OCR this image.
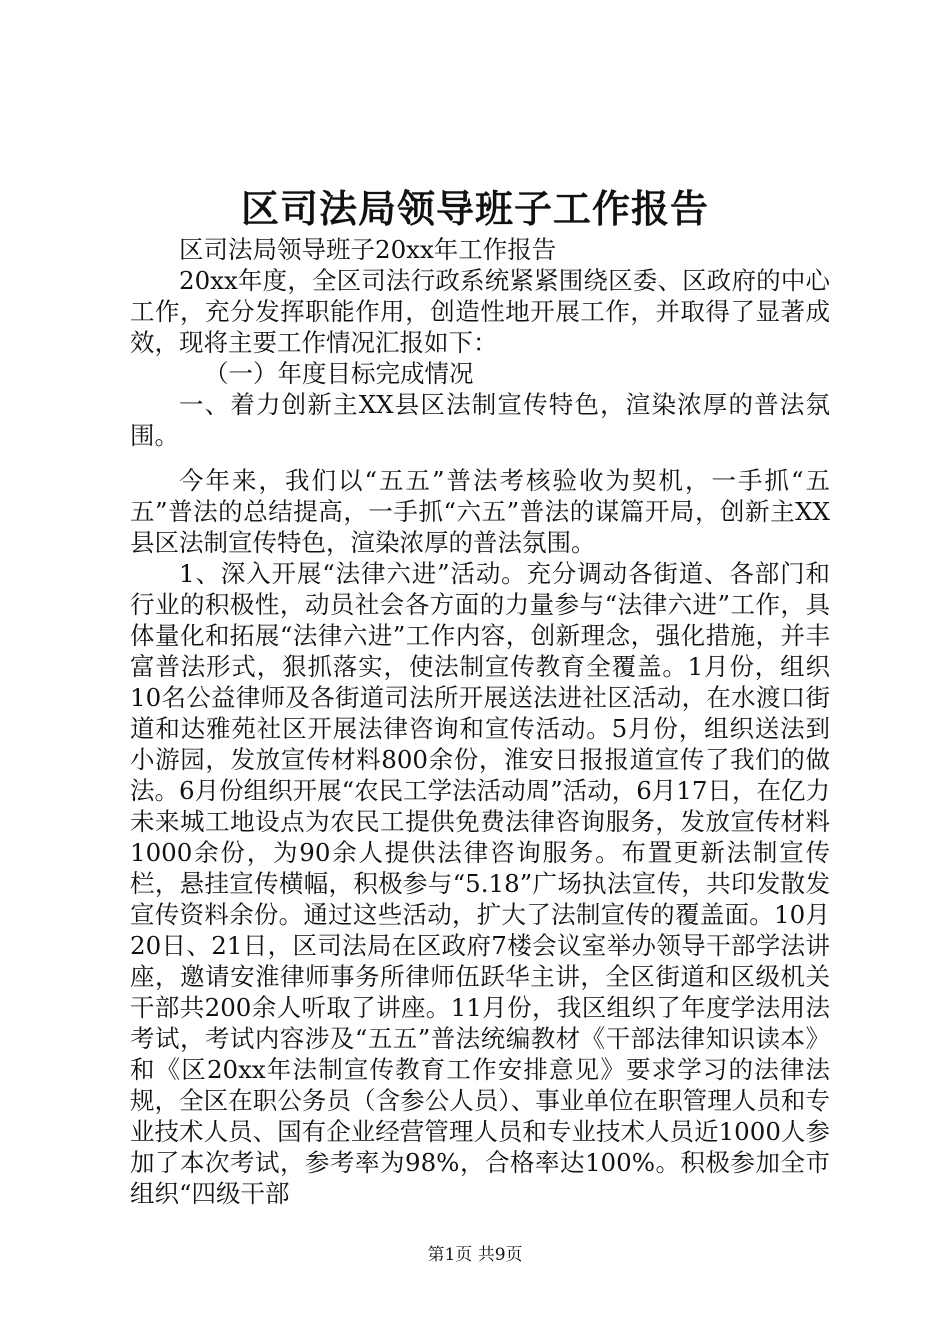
区司法局领导班子工作报告

区司法局领导班子20xx年工作报告

20xx年度，全区司法行政系统紧紧围绕区委、区政府的中心工作，充分发挥职能作用，创造性地开展工作，并取得了显著成效，现将主要工作情况汇报如下：

（一）年度目标完成情况

一、着力创新主XX县区法制宣传特色，渲染浓厚的普法氛围。

今年来，我们以“五五”普法考核验收为契机，一手抓“五五”普法的总结提高，一手抓“六五”普法的谋篇开局，创新主XX县区法制宣传特色，渲染浓厚的普法氛围。

1、深入开展“法律六进”活动。充分调动各街道、各部门和行业的积极性，动员社会各方面的力量参与“法律六进”工作，具体量化和拓展“法律六进”工作内容，创新理念，强化措施，并丰富普法形式，狠抓落实，使法制宣传教育全覆盖。1月份，组织10名公益律师及各街道司法所开展送法进社区活动，在水渡口街道和达雅苑社区开展法律咨询和宣传活动。5月份，组织送法到小游园，发放宣传材料800余份，淮安日报报道宣传了我们的做法。6月份组织开展“农民工学法活动周”活动，6月17日，在亿力未来城工地设点为农民工提供免费法律咨询服务，发放宣传材料1000余份，为90余人提供法律咨询服务。布置更新法制宣传栏，悬挂宣传横幅，积极参与“5.18”广场执法宣传，共印发散发宣传资料余份。通过这些活动，扩大了法制宣传的覆盖面。10月20日、21日，区司法局在区政府7楼会议室举办领导干部学法讲座，邀请安淮律师事务所律师伍跃华主讲，全区街道和区级机关干部共200余人听取了讲座。11月份，我区组织了年度学法用法考试，考试内容涉及“五五”普法统编教材《干部法律知识读本》和《区20xx年法制宣传教育工作安排意见》要求学习的法律法规，全区在职公务员（含参公人员）、事业单位在职管理人员和专业技术人员、国有企业经营管理人员和专业技术人员近1000人参加了本次考试，参考率为98%，合格率达100%。积极参加全市组织“四级干部

第1页 共9页
